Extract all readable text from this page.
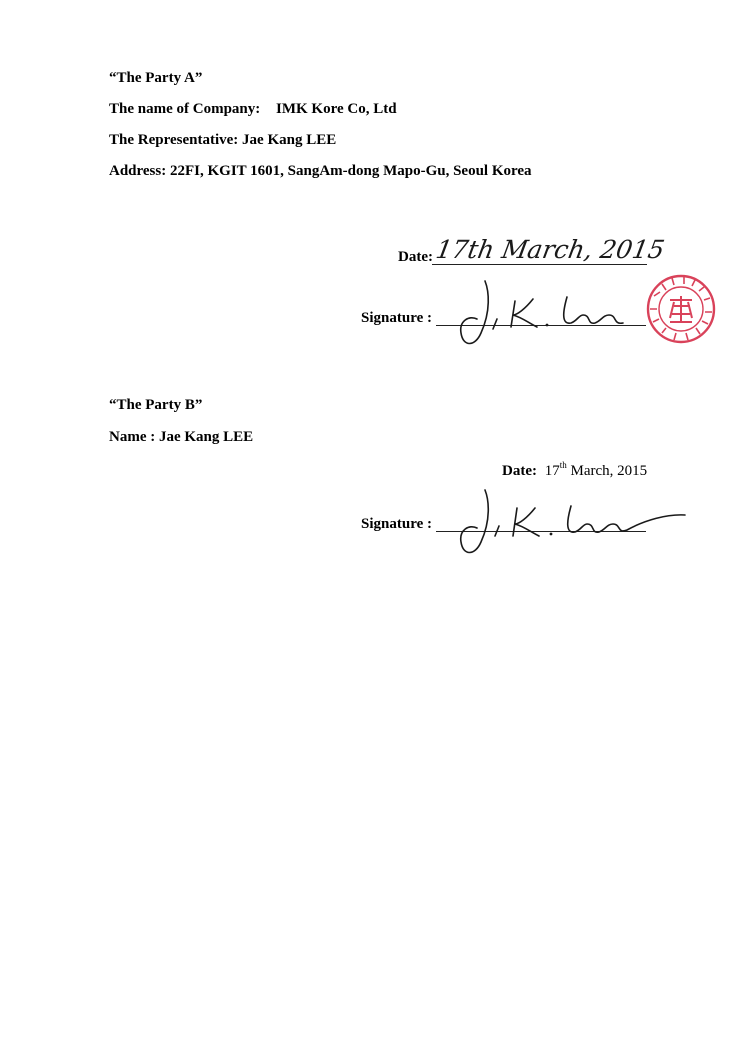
“The Party A”
The name of Company: IMK Kore Co, Ltd
The Representative: Jae Kang LEE
Address: 22FI, KGIT 1601, SangAm-dong Mapo-Gu, Seoul Korea
Date: 17th March, 2015
Signature :
“The Party B”
Name : Jae Kang LEE
Date: 17th March, 2015
Signature :
